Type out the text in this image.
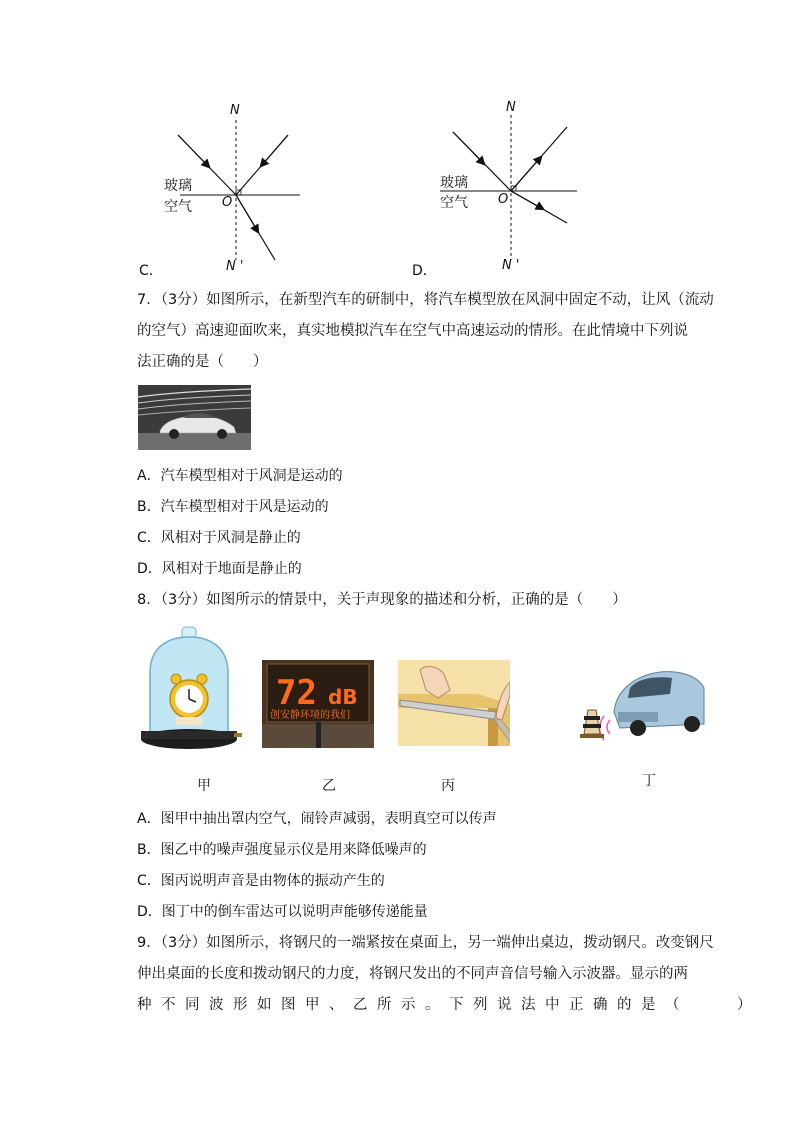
N
N '
O
玻璃
空气
C．
N
N '
O
玻璃
空气
D．
7．（3分）如图所示，在新型汽车的研制中，将汽车模型放在风洞中固定不动，让风（流动
的空气）高速迎面吹来，真实地模拟汽车在空气中高速运动的情形。在此情境中下列说
法正确的是（　　）
A．汽车模型相对于风洞是运动的
B．汽车模型相对于风是运动的
C．风相对于风洞是静止的
D．风相对于地面是静止的
8．（3分）如图所示的情景中，关于声现象的描述和分析，正确的是（　　）
甲
72 dB
创安静环境的我们
乙	丙	丁
A．图甲中抽出罩内空气，闹铃声减弱，表明真空可以传声
B．图乙中的噪声强度显示仪是用来降低噪声的
C．图丙说明声音是由物体的振动产生的
D．图丁中的倒车雷达可以说明声能够传递能量
9．（3分）如图所示，将钢尺的一端紧按在桌面上，另一端伸出桌边，拨动钢尺。改变钢尺
伸出桌面的长度和拨动钢尺的力度，将钢尺发出的不同声音信号输入示波器。显示的两
种不同波形如图甲、乙所示。下列说法中正确的是（　　）
